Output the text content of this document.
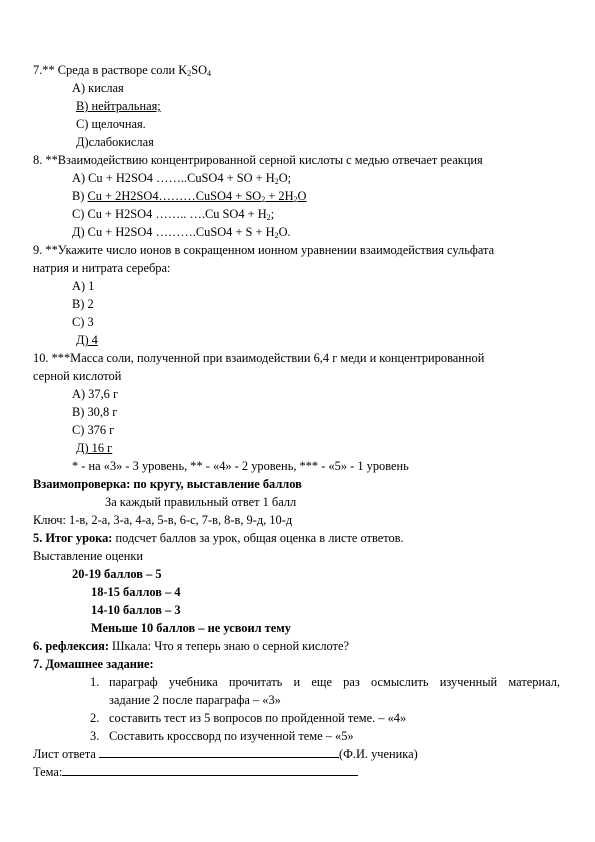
7.** Среда в растворе соли $K_2SO_4$
А) кислая
В) нейтральная;
С) щелочная.
Д)слабокислая
8. **Взаимодействию концентрированной серной кислоты с медью отвечает реакция
А) Cu + H2SO4 ……..CuSO4 + SO + $H_2O$;
В) Cu + 2H2SO4………CuSO4 + $SO_2 + 2H_2O$
С) Cu + H2SO4 …….. ….Cu $SO4 + H_2$;
Д) Cu + H2SO4 ……….CuSO4 + $S + H_2O$.
9. **Укажите число ионов в сокращенном ионном уравнении взаимодействия сульфата
натрия и нитрата серебра:
А) 1
В) 2
С) 3
Д) 4
10. ***Масса соли, полученной при взаимодействии 6,4 г меди и концентрированной
серной кислотой
А) 37,6 г
В) 30,8 г
С) 376 г
Д) 16 г
* - на «3» - 3 уровень, ** - «4» - 2 уровень, *** - «5» - 1 уровень
Взаимопроверка: по кругу, выставление баллов
За каждый правильный ответ 1 балл
Ключ: 1-в, 2-а, 3-а, 4-а, 5-в, 6-с, 7-в, 8-в, 9-д, 10-д
5. Итог урока: подсчет баллов за урок, общая оценка в листе ответов.
Выставление оценки
20-19 баллов – 5
18-15 баллов – 4
14-10 баллов – 3
Меньше 10 баллов – не усвоил тему
6. рефлексия: Шкала: Что я теперь знаю о серной кислоте?
7. Домашнее задание:
1. параграф учебника прочитать и еще раз осмыслить изученный материал,
задание 2 после параграфа – «3»
2. составить тест из 5 вопросов по пройденной теме. – «4»
3. Составить кроссворд по изученной теме – «5»
Лист ответа	(Ф.И. ученика)
Тема:
